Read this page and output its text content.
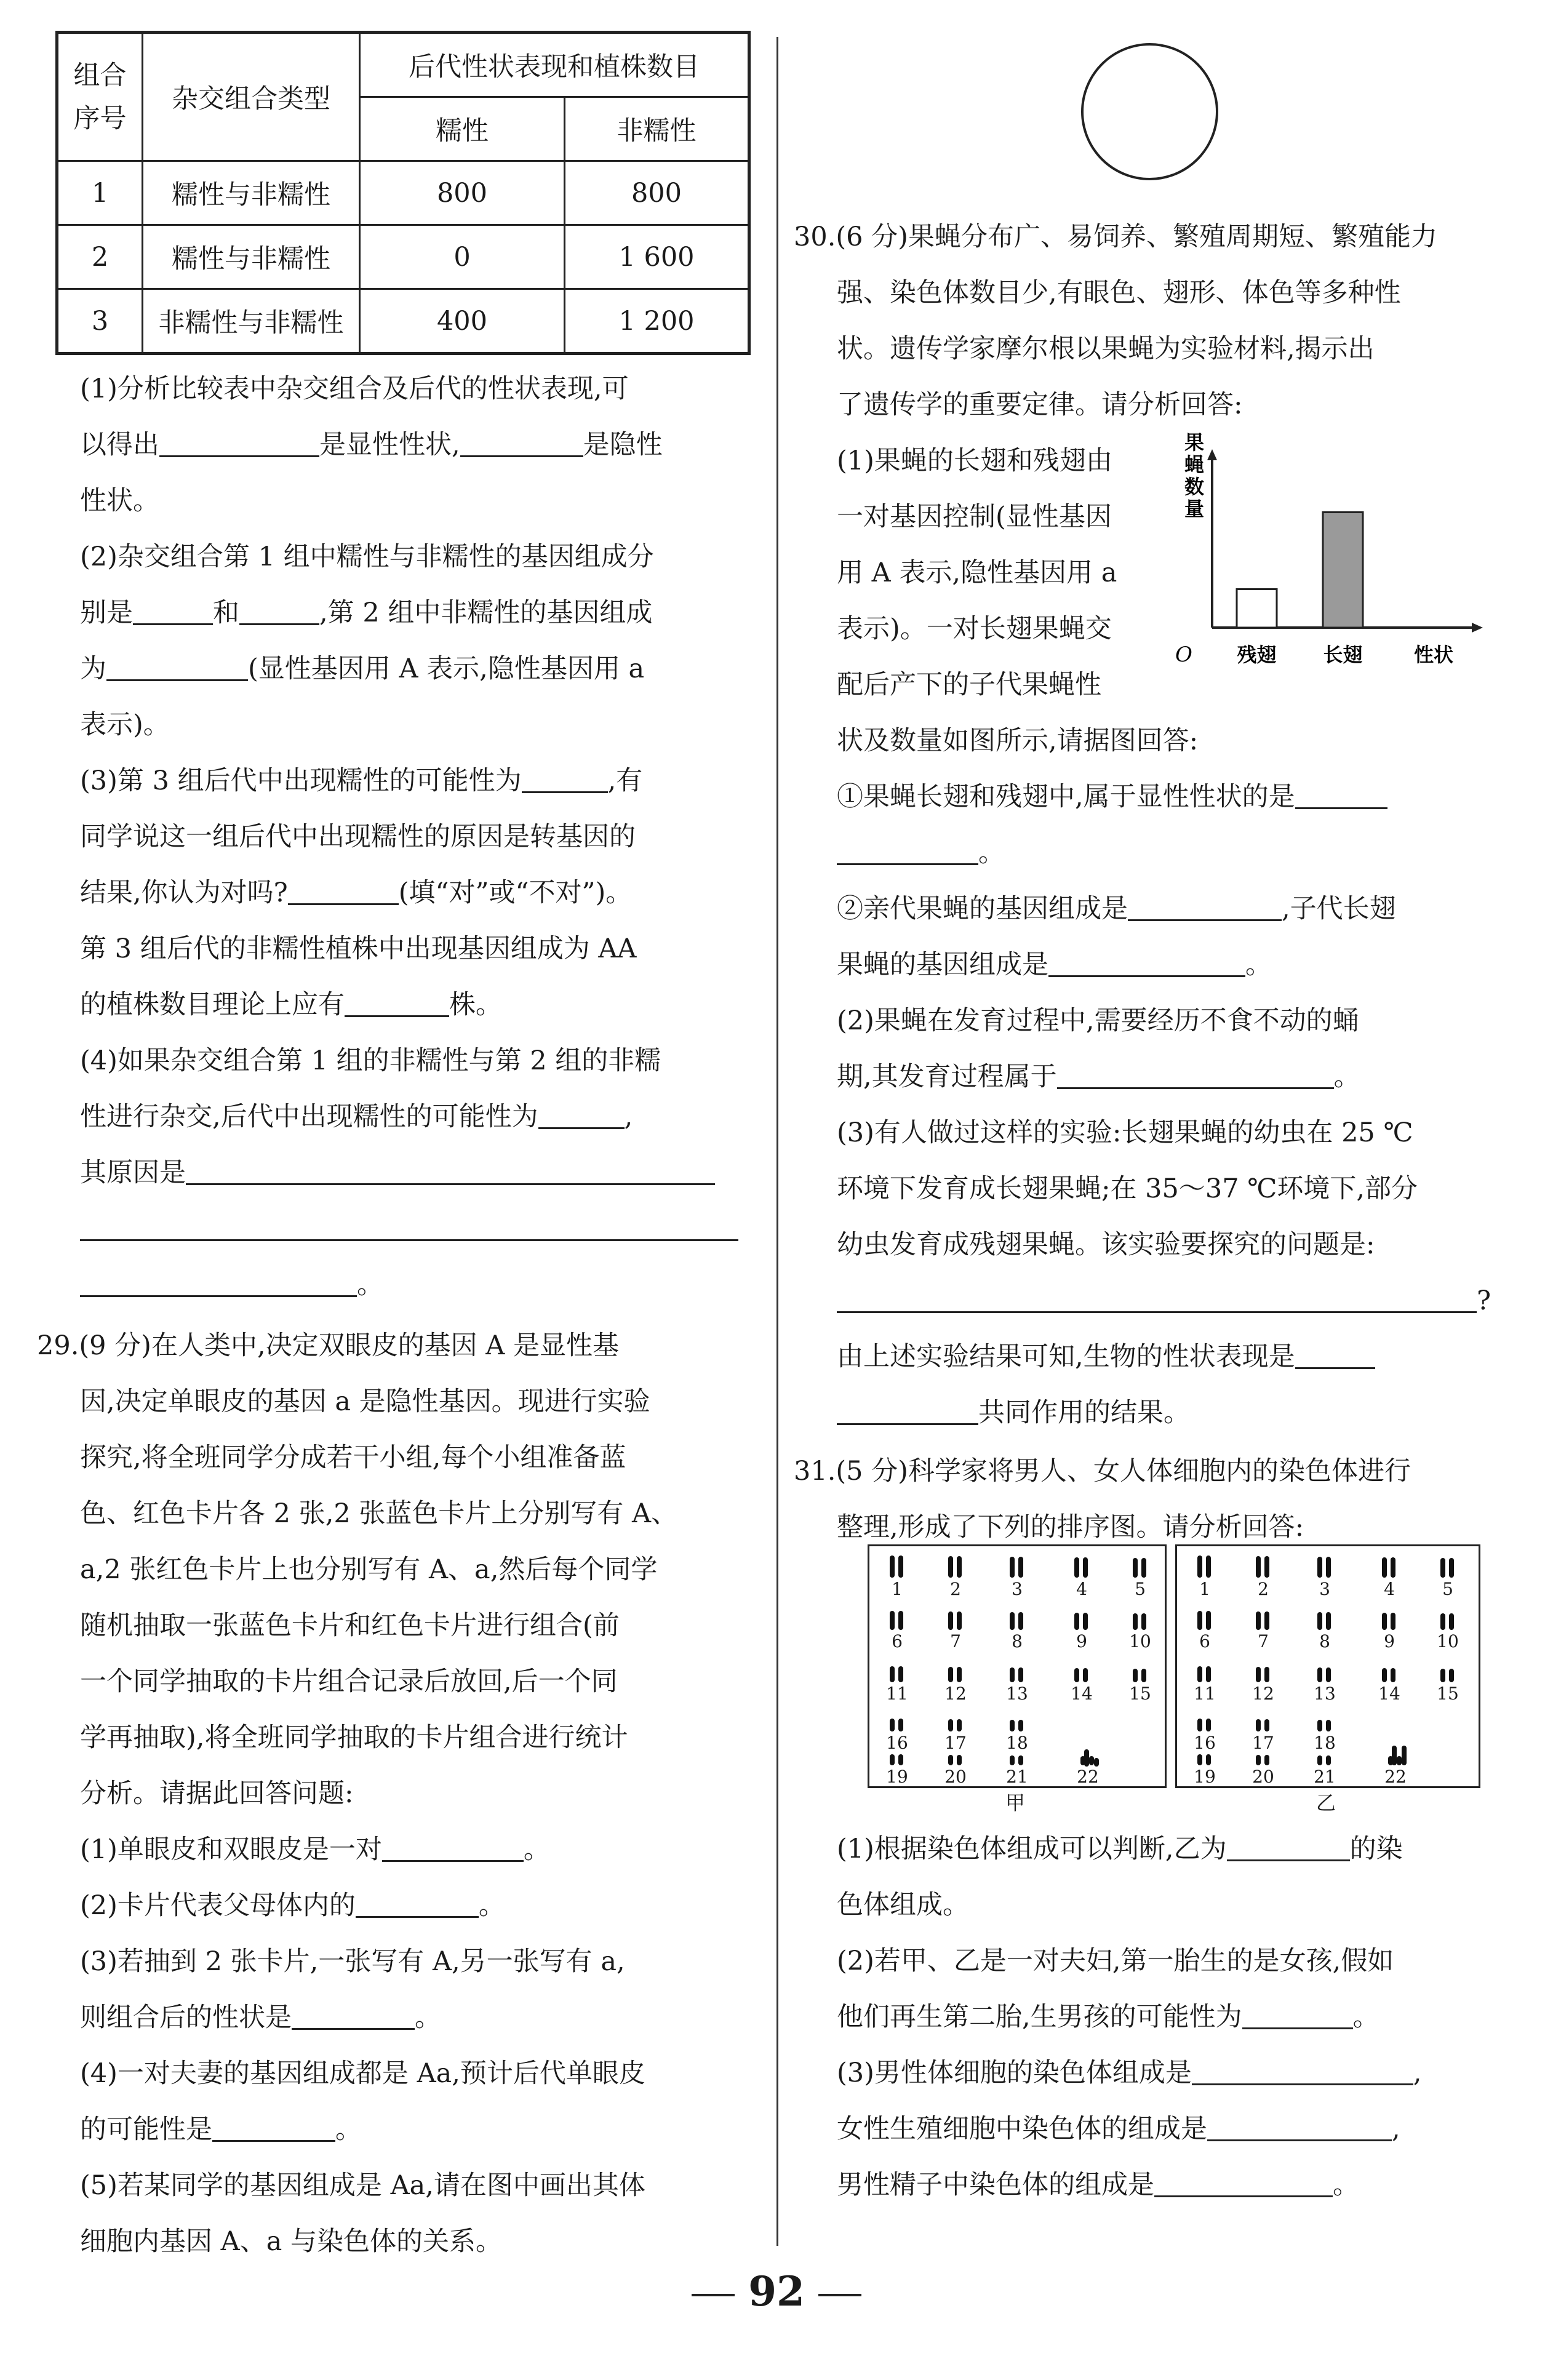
组合
序号	杂交组合类型	后代性状表现和植株数目	
		糯性	非糯性
1	糯性与非糯性	800	800
2	糯性与非糯性	0	1 600
3	非糯性与非糯性	400	1 200
(1)分析比较表中杂交组合及后代的性状表现,可
以得出	是显性性状,	是隐性
性状。
(2)杂交组合第 1 组中糯性与非糯性的基因组成分
别是	和	,第 2 组中非糯性的基因组成
为	(显性基因用 A 表示,隐性基因用 a
表示)。
(3)第 3 组后代中出现糯性的可能性为	,有
同学说这一组后代中出现糯性的原因是转基因的
结果,你认为对吗?	(填“对”或“不对”)。
第 3 组后代的非糯性植株中出现基因组成为 AA
的植株数目理论上应有	株。
(4)如果杂交组合第 1 组的非糯性与第 2 组的非糯
性进行杂交,后代中出现糯性的可能性为	,
其原因是
。
29.(9 分)在人类中,决定双眼皮的基因 A 是显性基
因,决定单眼皮的基因 a 是隐性基因。现进行实验
探究,将全班同学分成若干小组,每个小组准备蓝
色、红色卡片各 2 张,2 张蓝色卡片上分别写有 A、
a,2 张红色卡片上也分别写有 A、a,然后每个同学
随机抽取一张蓝色卡片和红色卡片进行组合(前
一个同学抽取的卡片组合记录后放回,后一个同
学再抽取),将全班同学抽取的卡片组合进行统计
分析。请据此回答问题:
(1)单眼皮和双眼皮是一对	。
(2)卡片代表父母体内的	。
(3)若抽到 2 张卡片,一张写有 A,另一张写有 a,
则组合后的性状是	。
(4)一对夫妻的基因组成都是 Aa,预计后代单眼皮
的可能性是	。
(5)若某同学的基因组成是 Aa,请在图中画出其体
细胞内基因 A、a 与染色体的关系。
30.(6 分)果蝇分布广、易饲养、繁殖周期短、繁殖能力
强、染色体数目少,有眼色、翅形、体色等多种性
状。遗传学家摩尔根以果蝇为实验材料,揭示出
了遗传学的重要定律。请分析回答:
(1)果蝇的长翅和残翅由
一对基因控制(显性基因
用 A 表示,隐性基因用 a
表示)。一对长翅果蝇交
配后产下的子代果蝇性
状及数量如图所示,请据图回答:
①果蝇长翅和残翅中,属于显性性状的是
。
②亲代果蝇的基因组成是	,子代长翅
果蝇的基因组成是	。
(2)果蝇在发育过程中,需要经历不食不动的蛹
期,其发育过程属于	。
(3)有人做过这样的实验:长翅果蝇的幼虫在 25 ℃
环境下发育成长翅果蝇;在 35～37 ℃环境下,部分
幼虫发育成残翅果蝇。该实验要探究的问题是:
?
由上述实验结果可知,生物的性状表现是
共同作用的结果。
31.(5 分)科学家将男人、女人体细胞内的染色体进行
整理,形成了下列的排序图。请分析回答:
果
蝇
数
量
O 残翅 长翅	性状
1	2	3	4	5
6	7	8	9	10
11 12 13 14 15
16 17 18
19 20 21	22
1	2	3	4	5
6	7	8	9	10
11 12 13 14 15
16 17 18
19 20 21	22
甲	乙
(1)根据染色体组成可以判断,乙为	的染
色体组成。
(2)若甲、乙是一对夫妇,第一胎生的是女孩,假如
他们再生第二胎,生男孩的可能性为	。
(3)男性体细胞的染色体组成是	,
女性生殖细胞中染色体的组成是	,
男性精子中染色体的组成是	。
92
